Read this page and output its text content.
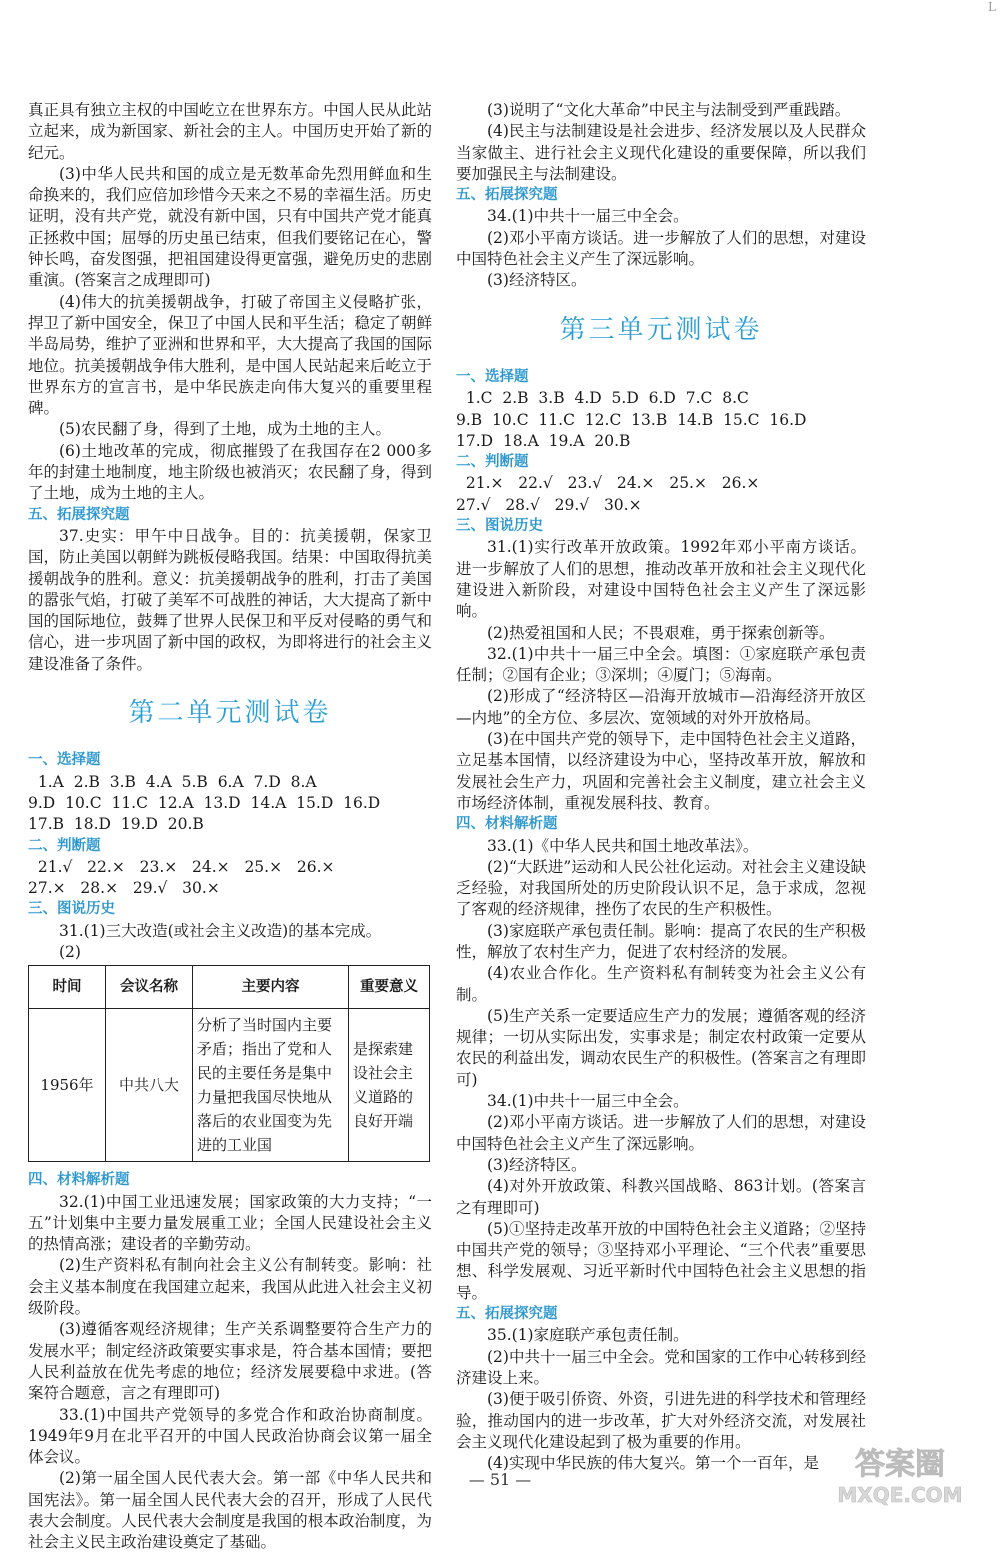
L

真正具有独立主权的中国屹立在世界东方。中国人民从此站立起来，成为新国家、新社会的主人。中国历史开始了新的纪元。

(3)中华人民共和国的成立是无数革命先烈用鲜血和生命换来的，我们应倍加珍惜今天来之不易的幸福生活。历史证明，没有共产党，就没有新中国，只有中国共产党才能真正拯救中国；屈辱的历史虽已结束，但我们要铭记在心，警钟长鸣，奋发图强，把祖国建设得更富强，避免历史的悲剧重演。(答案言之成理即可)

(4)伟大的抗美援朝战争，打破了帝国主义侵略扩张，捍卫了新中国安全，保卫了中国人民和平生活；稳定了朝鲜半岛局势，维护了亚洲和世界和平，大大提高了我国的国际地位。抗美援朝战争伟大胜利，是中国人民站起来后屹立于世界东方的宣言书，是中华民族走向伟大复兴的重要里程碑。

(5)农民翻了身，得到了土地，成为土地的主人。

(6)土地改革的完成，彻底摧毁了在我国存在2 000多年的封建土地制度，地主阶级也被消灭；农民翻了身，得到了土地，成为土地的主人。

五、拓展探究题

37.史实：甲午中日战争。目的：抗美援朝，保家卫国，防止美国以朝鲜为跳板侵略我国。结果：中国取得抗美援朝战争的胜利。意义：抗美援朝战争的胜利，打击了美国的嚣张气焰，打破了美军不可战胜的神话，大大提高了新中国的国际地位，鼓舞了世界人民保卫和平反对侵略的勇气和信心，进一步巩固了新中国的政权，为即将进行的社会主义建设准备了条件。

第二单元测试卷

一、选择题

1.A 2.B 3.B 4.A 5.B 6.A 7.D 8.A
9.D 10.C 11.C 12.A 13.D 14.A 15.D 16.D
17.B 18.D 19.D 20.B

二、判断题

21.√ 22.× 23.× 24.× 25.× 26.×
27.× 28.× 29.√ 30.×

三、图说历史

31.(1)三大改造(或社会主义改造)的基本完成。

(2)

时间	会议名称	主要内容	重要意义
1956年	中共八大	分析了当时国内主要矛盾；指出了党和人民的主要任务是集中力量把我国尽快地从落后的农业国变为先进的工业国	是探索建设社会主义道路的良好开端

四、材料解析题

32.(1)中国工业迅速发展；国家政策的大力支持；“一五”计划集中主要力量发展重工业；全国人民建设社会主义的热情高涨；建设者的辛勤劳动。

(2)生产资料私有制向社会主义公有制转变。影响：社会主义基本制度在我国建立起来，我国从此进入社会主义初级阶段。

(3)遵循客观经济规律；生产关系调整要符合生产力的发展水平；制定经济政策要实事求是，符合基本国情；要把人民利益放在优先考虑的地位；经济发展要稳中求进。(答案符合题意，言之有理即可)

33.(1)中国共产党领导的多党合作和政治协商制度。1949年9月在北平召开的中国人民政治协商会议第一届全体会议。

(2)第一届全国人民代表大会。第一部《中华人民共和国宪法》。第一届全国人民代表大会的召开，形成了人民代表大会制度。人民代表大会制度是我国的根本政治制度，为社会主义民主政治建设奠定了基础。

(3)说明了“文化大革命”中民主与法制受到严重践踏。

(4)民主与法制建设是社会进步、经济发展以及人民群众当家做主、进行社会主义现代化建设的重要保障，所以我们要加强民主与法制建设。

五、拓展探究题

34.(1)中共十一届三中全会。

(2)邓小平南方谈话。进一步解放了人们的思想，对建设中国特色社会主义产生了深远影响。

(3)经济特区。

第三单元测试卷

一、选择题

1.C 2.B 3.B 4.D 5.D 6.D 7.C 8.C
9.B 10.C 11.C 12.C 13.B 14.B 15.C 16.D
17.D 18.A 19.A 20.B

二、判断题

21.× 22.√ 23.√ 24.× 25.× 26.×
27.√ 28.√ 29.√ 30.×

三、图说历史

31.(1)实行改革开放政策。1992年邓小平南方谈话。进一步解放了人们的思想，推动改革开放和社会主义现代化建设进入新阶段，对建设中国特色社会主义产生了深远影响。

(2)热爱祖国和人民；不畏艰难，勇于探索创新等。

32.(1)中共十一届三中全会。填图：①家庭联产承包责任制；②国有企业；③深圳；④厦门；⑤海南。

(2)形成了“经济特区—沿海开放城市—沿海经济开放区—内地”的全方位、多层次、宽领域的对外开放格局。

(3)在中国共产党的领导下，走中国特色社会主义道路，立足基本国情，以经济建设为中心，坚持改革开放，解放和发展社会生产力，巩固和完善社会主义制度，建立社会主义市场经济体制，重视发展科技、教育。

四、材料解析题

33.(1)《中华人民共和国土地改革法》。

(2)“大跃进”运动和人民公社化运动。对社会主义建设缺乏经验，对我国所处的历史阶段认识不足，急于求成，忽视了客观的经济规律，挫伤了农民的生产积极性。

(3)家庭联产承包责任制。影响：提高了农民的生产积极性，解放了农村生产力，促进了农村经济的发展。

(4)农业合作化。生产资料私有制转变为社会主义公有制。

(5)生产关系一定要适应生产力的发展；遵循客观的经济规律；一切从实际出发，实事求是；制定农村政策一定要从农民的利益出发，调动农民生产的积极性。(答案言之有理即可)

34.(1)中共十一届三中全会。

(2)邓小平南方谈话。进一步解放了人们的思想，对建设中国特色社会主义产生了深远影响。

(3)经济特区。

(4)对外开放政策、科教兴国战略、863计划。(答案言之有理即可)

(5)①坚持走改革开放的中国特色社会主义道路；②坚持中国共产党的领导；③坚持邓小平理论、“三个代表”重要思想、科学发展观、习近平新时代中国特色社会主义思想的指导。

五、拓展探究题

35.(1)家庭联产承包责任制。

(2)中共十一届三中全会。党和国家的工作中心转移到经济建设上来。

(3)便于吸引侨资、外资，引进先进的科学技术和管理经验，推动国内的进一步改革，扩大对外经济交流，对发展社会主义现代化建设起到了极为重要的作用。

(4)实现中华民族的伟大复兴。第一个一百年，是

— 51 —	答案圈
MXQE.COM
